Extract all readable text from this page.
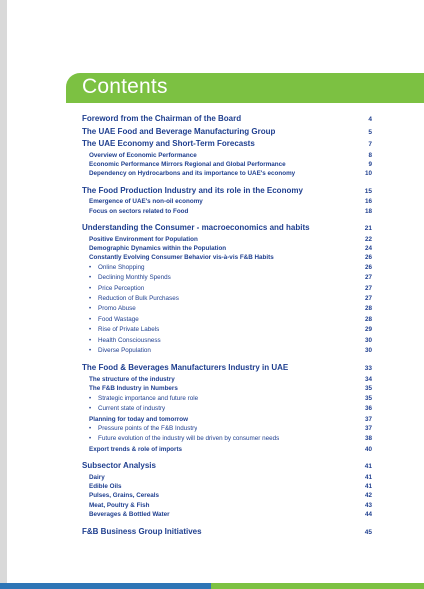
Contents
Foreword from the Chairman of the Board	4
The UAE Food and Beverage Manufacturing Group	5
The UAE Economy and Short-Term Forecasts	7
Overview of Economic Performance	8
Economic Performance Mirrors Regional and Global Performance	9
Dependency on Hydrocarbons and its importance to UAE's economy	10
The Food Production Industry and its role in the Economy	15
Emergence of UAE's non-oil economy	16
Focus on sectors related to Food	18
Understanding the Consumer - macroeconomics and habits	21
Positive Environment for Population	22
Demographic Dynamics within the Population	24
Constantly Evolving Consumer Behavior vis-à-vis F&B Habits	26
• Online Shopping	26
• Declining Monthly Spends	27
• Price Perception	27
• Reduction of Bulk Purchases	27
• Promo Abuse	28
• Food Wastage	28
• Rise of Private Labels	29
• Health Consciousness	30
• Diverse Population	30
The Food & Beverages Manufacturers Industry in UAE	33
The structure of the industry	34
The F&B Industry in Numbers	35
• Strategic importance and future role	35
• Current state of industry	36
Planning for today and tomorrow	37
• Pressure points of the F&B Industry	37
• Future evolution of the industry will be driven by consumer needs	38
Export trends & role of imports	40
Subsector Analysis	41
Dairy	41
Edible Oils	41
Pulses, Grains, Cereals	42
Meat, Poultry & Fish	43
Beverages & Bottled Water	44
F&B Business Group Initiatives	45
